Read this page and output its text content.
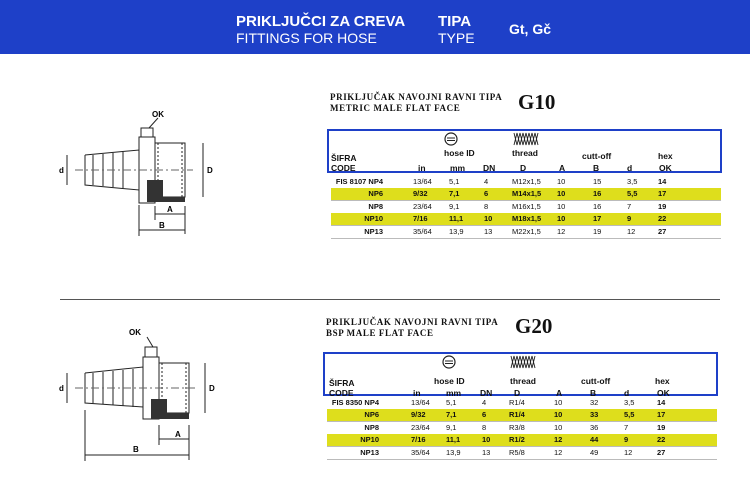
PRIKLJUČCI ZA CREVA
FITTINGS FOR HOSE
TIPA
TYPE
Gt, Gč
OK
d	D
A
B
PRIKLJUČAK NAVOJNI RAVNI TIPA
METRIC MALE FLAT FACE	G10
hose ID	thread	cutt-off	hex
ŠIFRA
CODE	in	mm DN	D	A	B	d	OK
FIS 8107 NP4	13/64 5,1	4	M12x1,5 10	15	3,5	14
NP6	9/32	7,1	6	M14x1,5 10	16	5,5	17
NP8	23/64 9,1	8	M16x1,5 10	16	7	19
NP10	7/16	11,1	10	M18x1,5 10	17	9	22
NP13	35/64 13,9	13	M22x1,5 12	19	12	27
OK
d	D
A
B
PRIKLJUČAK NAVOJNI RAVNI TIPA
BSP MALE FLAT FACE	G20
hose ID	thread	cutt-off	hex
ŠIFRA
CODE	in	mm DN	D	A	B	d	OK
FIS 8350 NP4	13/64 5,1	4	R1/4	10	32	3,5	14
NP6	9/32	7,1	6	R1/4	10	33	5,5	17
NP8	23/64 9,1	8	R3/8	10	36	7	19
NP10	7/16	11,1	10 R1/2	12	44	9	22
NP13	35/64 13,9	13 R5/8	12	49	12	27
